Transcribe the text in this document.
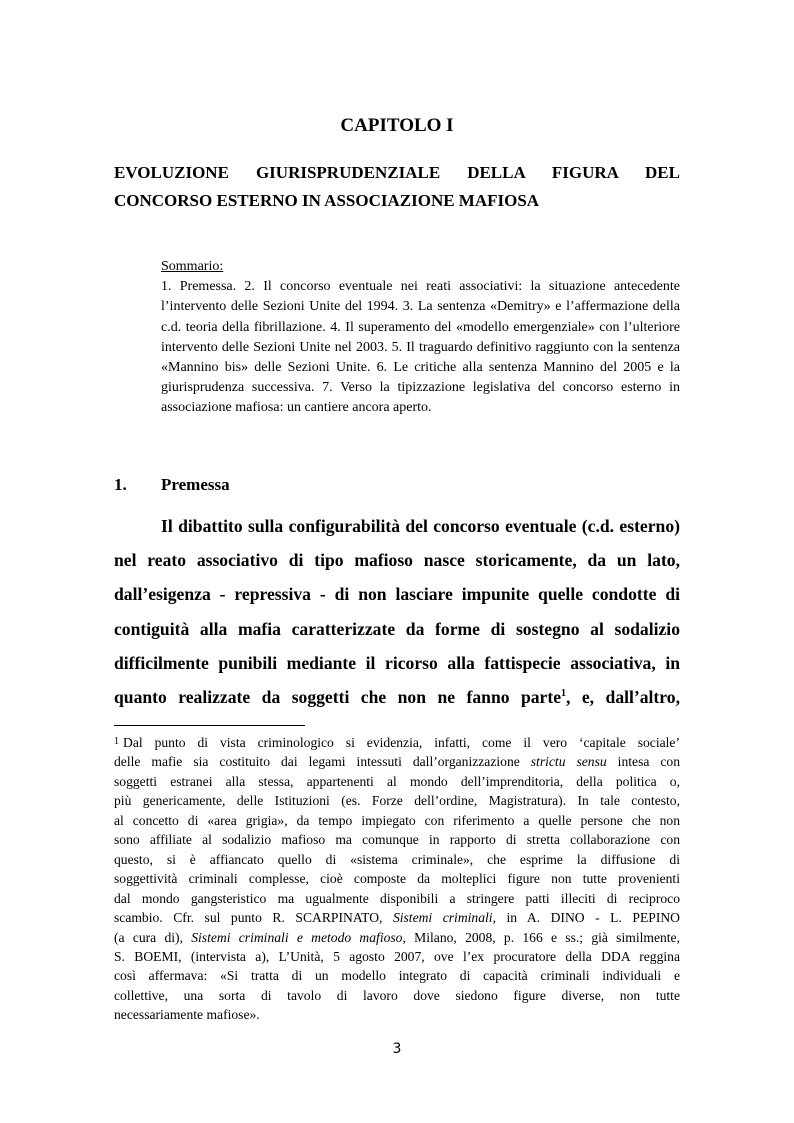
CAPITOLO I

EVOLUZIONE GIURISPRUDENZIALE DELLA FIGURA DEL
CONCORSO ESTERNO IN ASSOCIAZIONE MAFIOSA

Sommario:
1. Premessa. 2. Il concorso eventuale nei reati associativi: la situazione antecedente l’intervento delle Sezioni Unite del 1994. 3. La sentenza «Demitry» e l’affermazione della c.d. teoria della fibrillazione. 4. Il superamento del «modello emergenziale» con l’ulteriore intervento delle Sezioni Unite nel 2003. 5. Il traguardo definitivo raggiunto con la sentenza «Mannino bis» delle Sezioni Unite. 6. Le critiche alla sentenza Mannino del 2005 e la giurisprudenza successiva. 7. Verso la tipizzazione legislativa del concorso esterno in associazione mafiosa: un cantiere ancora aperto.

1. Premessa

Il dibattito sulla configurabilità del concorso eventuale (c.d. esterno)
nel reato associativo di tipo mafioso nasce storicamente, da un lato,
dall’esigenza - repressiva - di non lasciare impunite quelle condotte di
contiguità alla mafia caratterizzate da forme di sostegno al sodalizio
difficilmente punibili mediante il ricorso alla fattispecie associativa, in
quanto realizzate da soggetti che non ne fanno parte$^1$, e, dall’altro,

$^1$ Dal punto di vista criminologico si evidenzia, infatti, come il vero ‘capitale sociale’
delle mafie sia costituito dai legami intessuti dall’organizzazione strictu sensu intesa con
soggetti estranei alla stessa, appartenenti al mondo dell’imprenditoria, della politica o,
più genericamente, delle Istituzioni (es. Forze dell’ordine, Magistratura). In tale contesto,
al concetto di «area grigia», da tempo impiegato con riferimento a quelle persone che non
sono affiliate al sodalizio mafioso ma comunque in rapporto di stretta collaborazione con
questo, si è affiancato quello di «sistema criminale», che esprime la diffusione di
soggettività criminali complesse, cioè composte da molteplici figure non tutte provenienti
dal mondo gangsteristico ma ugualmente disponibili a stringere patti illeciti di reciproco
scambio. Cfr. sul punto R. SCARPINATO, Sistemi criminali, in A. DINO - L. PEPINO
(a cura di), Sistemi criminali e metodo mafioso, Milano, 2008, p. 166 e ss.; già similmente,
S. BOEMI, (intervista a), L’Unità, 5 agosto 2007, ove l’ex procuratore della DDA reggina
così affermava: «Si tratta di un modello integrato di capacità criminali individuali e
collettive, una sorta di tavolo di lavoro dove siedono figure diverse, non tutte
necessariamente mafiose».

3
